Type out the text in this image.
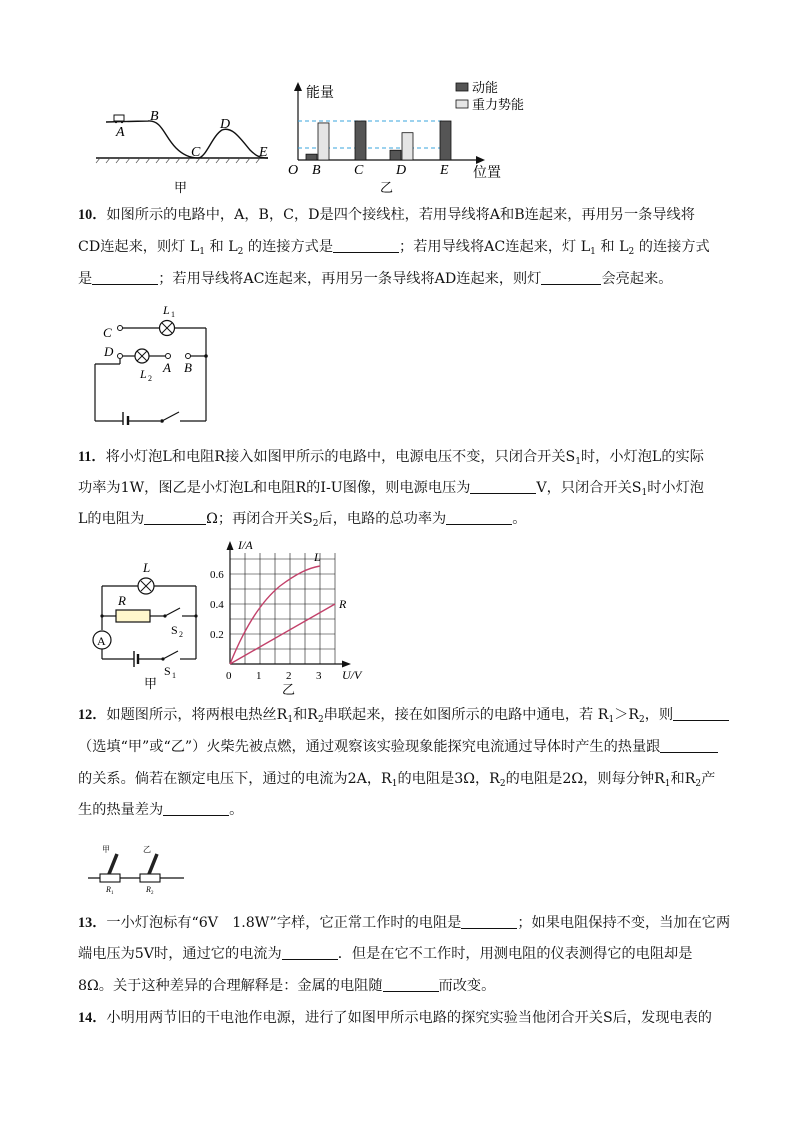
A
B
C
D
E
甲
能量
位置
O B C D E
动能
重力势能
乙
10．如图所示的电路中，A，B，C，D是四个接线柱，若用导线将A和B连起来，再用另一条导线将
CD连起来，则灯 $L_1$ 和 $L_2$ 的连接方式是	；若用导线将AC连起来，灯 $L_1$ 和 $L_2$ 的连接方式
是	；若用导线将AC连起来，再用另一条导线将AD连起来，则灯	会亮起来。
C
L 1
D
A
L 2
B
11．将小灯泡L和电阻R接入如图甲所示的电路中，电源电压不变，只闭合开关$S_1$时，小灯泡L的实际
功率为1W，图乙是小灯泡L和电阻R的I-U图像，则电源电压为	V，只闭合开关$S_1$时小灯泡
L的电阻为	Ω；再闭合开关$S_2$后，电路的总功率为	。
L
R
S 2
A
S 1
甲
I/A
U/V
0.2
0.4
0.6
0 1 2 3
L
R
乙
12．如题图所示，将两根电热丝$R_1$和$R_2$串联起来，接在如图所示的电路中通电，若 $R_1>R_2$，则
（选填“甲”或“乙”）火柴先被点燃，通过观察该实验现象能探究电流通过导体时产生的热量跟
的关系。倘若在额定电压下，通过的电流为2A，$R_1$的电阻是3Ω，$R_2$的电阻是2Ω，则每分钟$R_1$和$R_2$产
生的热量差为	。
甲	乙
R 1	R 2
13．一小灯泡标有“6V　1.8W”字样，它正常工作时的电阻是	；如果电阻保持不变，当加在它两
端电压为5V时，通过它的电流为	．但是在它不工作时，用测电阻的仪表测得它的电阻却是
8Ω。关于这种差异的合理解释是：金属的电阻随	而改变。
14．小明用两节旧的干电池作电源，进行了如图甲所示电路的探究实验当他闭合开关S后，发现电表的
